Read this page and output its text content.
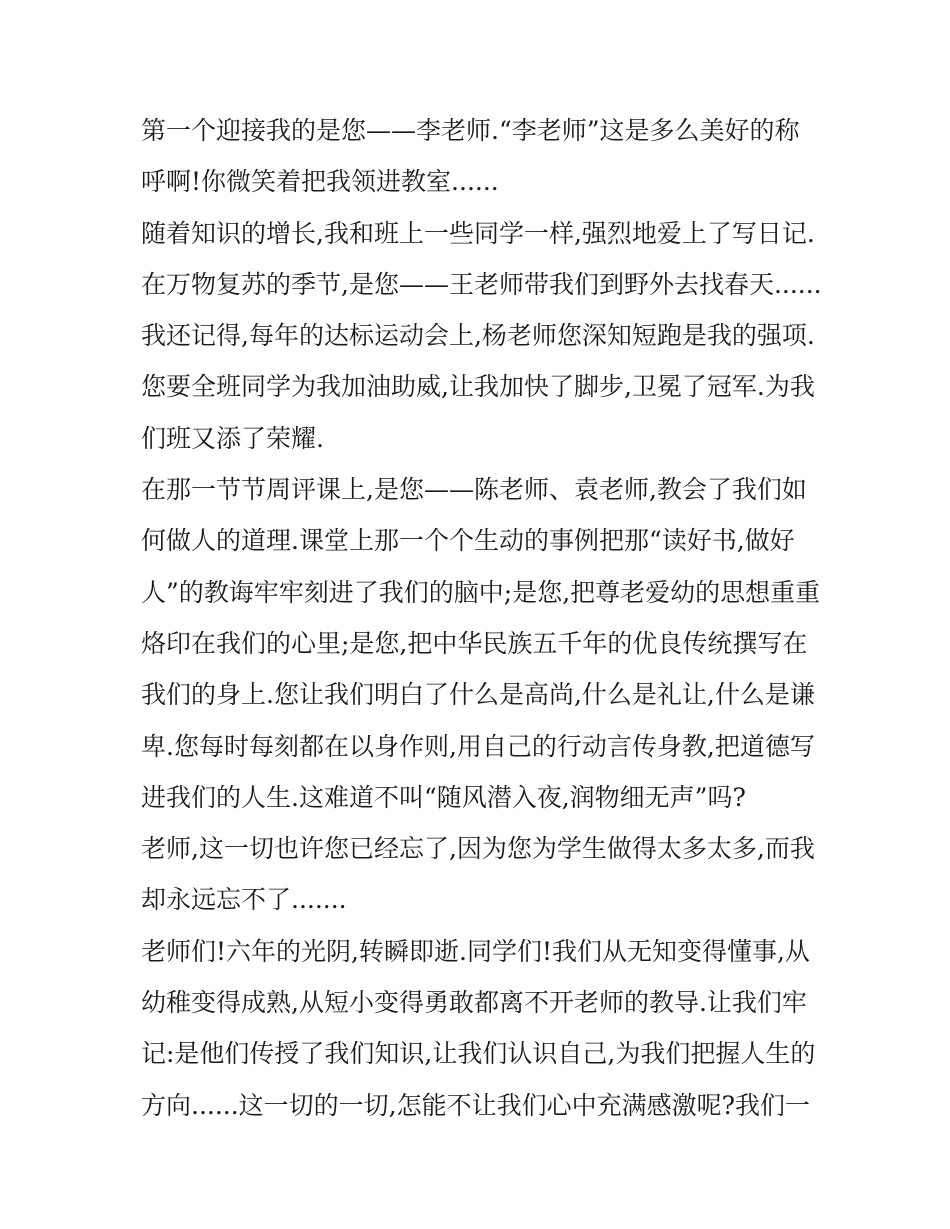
第一个迎接我的是您——李老师.“李老师”这是多么美好的称
呼啊!你微笑着把我领进教室......
随着知识的增长,我和班上一些同学一样,强烈地爱上了写日记.
在万物复苏的季节,是您——王老师带我们到野外去找春天......
我还记得,每年的达标运动会上,杨老师您深知短跑是我的强项.
您要全班同学为我加油助威,让我加快了脚步,卫冕了冠军.为我
们班又添了荣耀.
在那一节节周评课上,是您——陈老师、袁老师,教会了我们如
何做人的道理.课堂上那一个个生动的事例把那“读好书,做好
人”的教诲牢牢刻进了我们的脑中;是您,把尊老爱幼的思想重重
烙印在我们的心里;是您,把中华民族五千年的优良传统撰写在
我们的身上.您让我们明白了什么是高尚,什么是礼让,什么是谦
卑.您每时每刻都在以身作则,用自己的行动言传身教,把道德写
进我们的人生.这难道不叫“随风潜入夜,润物细无声”吗?
老师,这一切也许您已经忘了,因为您为学生做得太多太多,而我
却永远忘不了.......
老师们!六年的光阴,转瞬即逝.同学们!我们从无知变得懂事,从
幼稚变得成熟,从短小变得勇敢都离不开老师的教导.让我们牢
记:是他们传授了我们知识,让我们认识自己,为我们把握人生的
方向......这一切的一切,怎能不让我们心中充满感激呢?我们一
